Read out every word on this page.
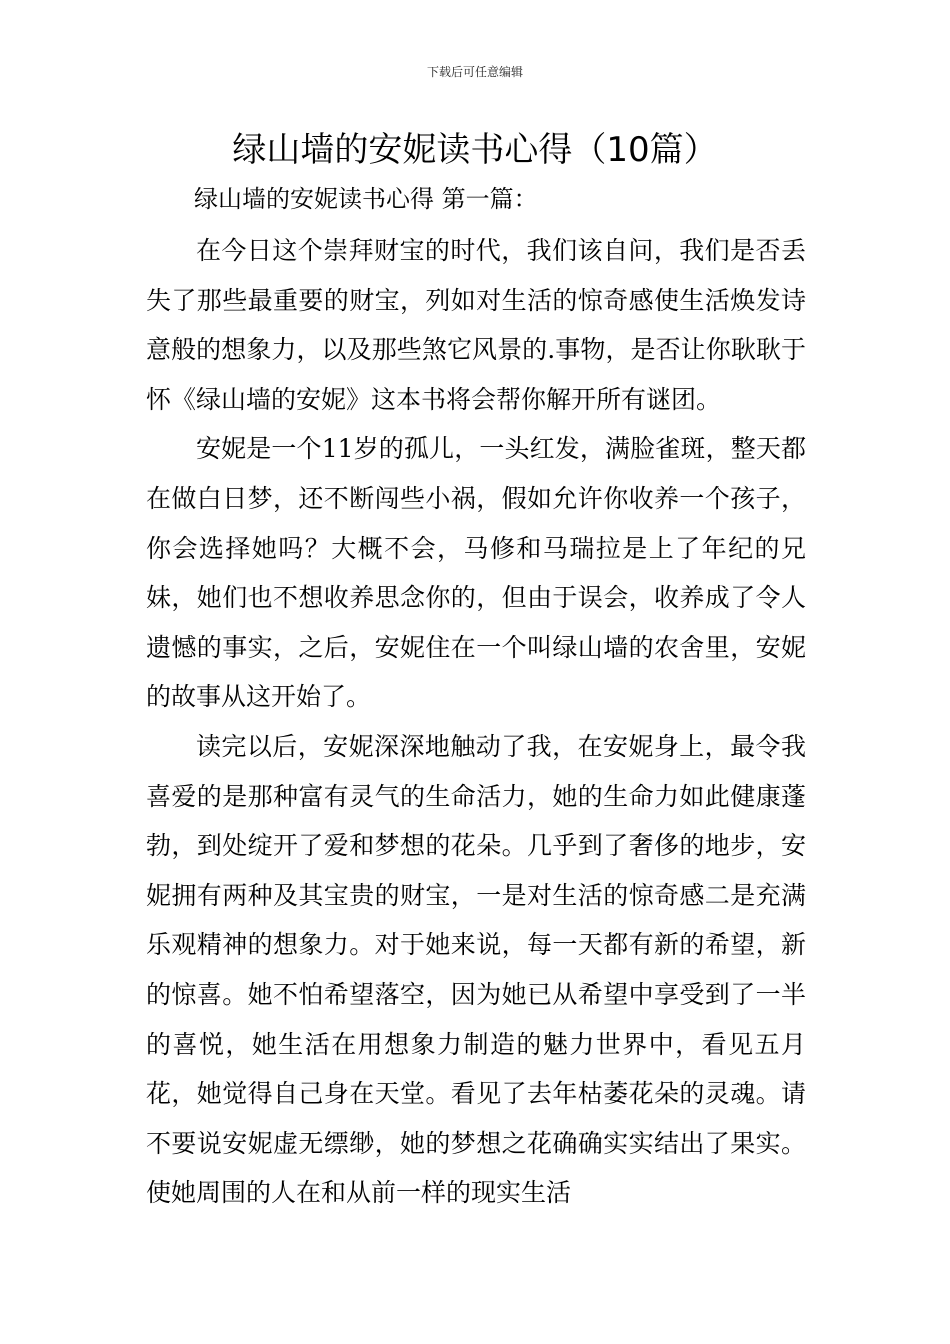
下载后可任意编辑
绿山墙的安妮读书心得（10篇）
绿山墙的安妮读书心得 第一篇：

在今日这个崇拜财宝的时代，我们该自问，我们是否丢失了那些最重要的财宝，列如对生活的惊奇感使生活焕发诗意般的想象力，以及那些煞它风景的.事物，是否让你耿耿于怀《绿山墙的安妮》这本书将会帮你解开所有谜团。

安妮是一个11岁的孤儿，一头红发，满脸雀斑，整天都在做白日梦，还不断闯些小祸，假如允许你收养一个孩子，你会选择她吗？大概不会，马修和马瑞拉是上了年纪的兄妹，她们也不想收养思念你的，但由于误会，收养成了令人遗憾的事实，之后，安妮住在一个叫绿山墙的农舍里，安妮的故事从这开始了。

读完以后，安妮深深地触动了我，在安妮身上，最令我喜爱的是那种富有灵气的生命活力，她的生命力如此健康蓬勃，到处绽开了爱和梦想的花朵。几乎到了奢侈的地步，安妮拥有两种及其宝贵的财宝，一是对生活的惊奇感二是充满乐观精神的想象力。对于她来说，每一天都有新的希望，新的惊喜。她不怕希望落空，因为她已从希望中享受到了一半的喜悦，她生活在用想象力制造的魅力世界中，看见五月花，她觉得自己身在天堂。看见了去年枯萎花朵的灵魂。请不要说安妮虚无缥缈，她的梦想之花确确实实结出了果实。使她周围的人在和从前一样的现实生活
